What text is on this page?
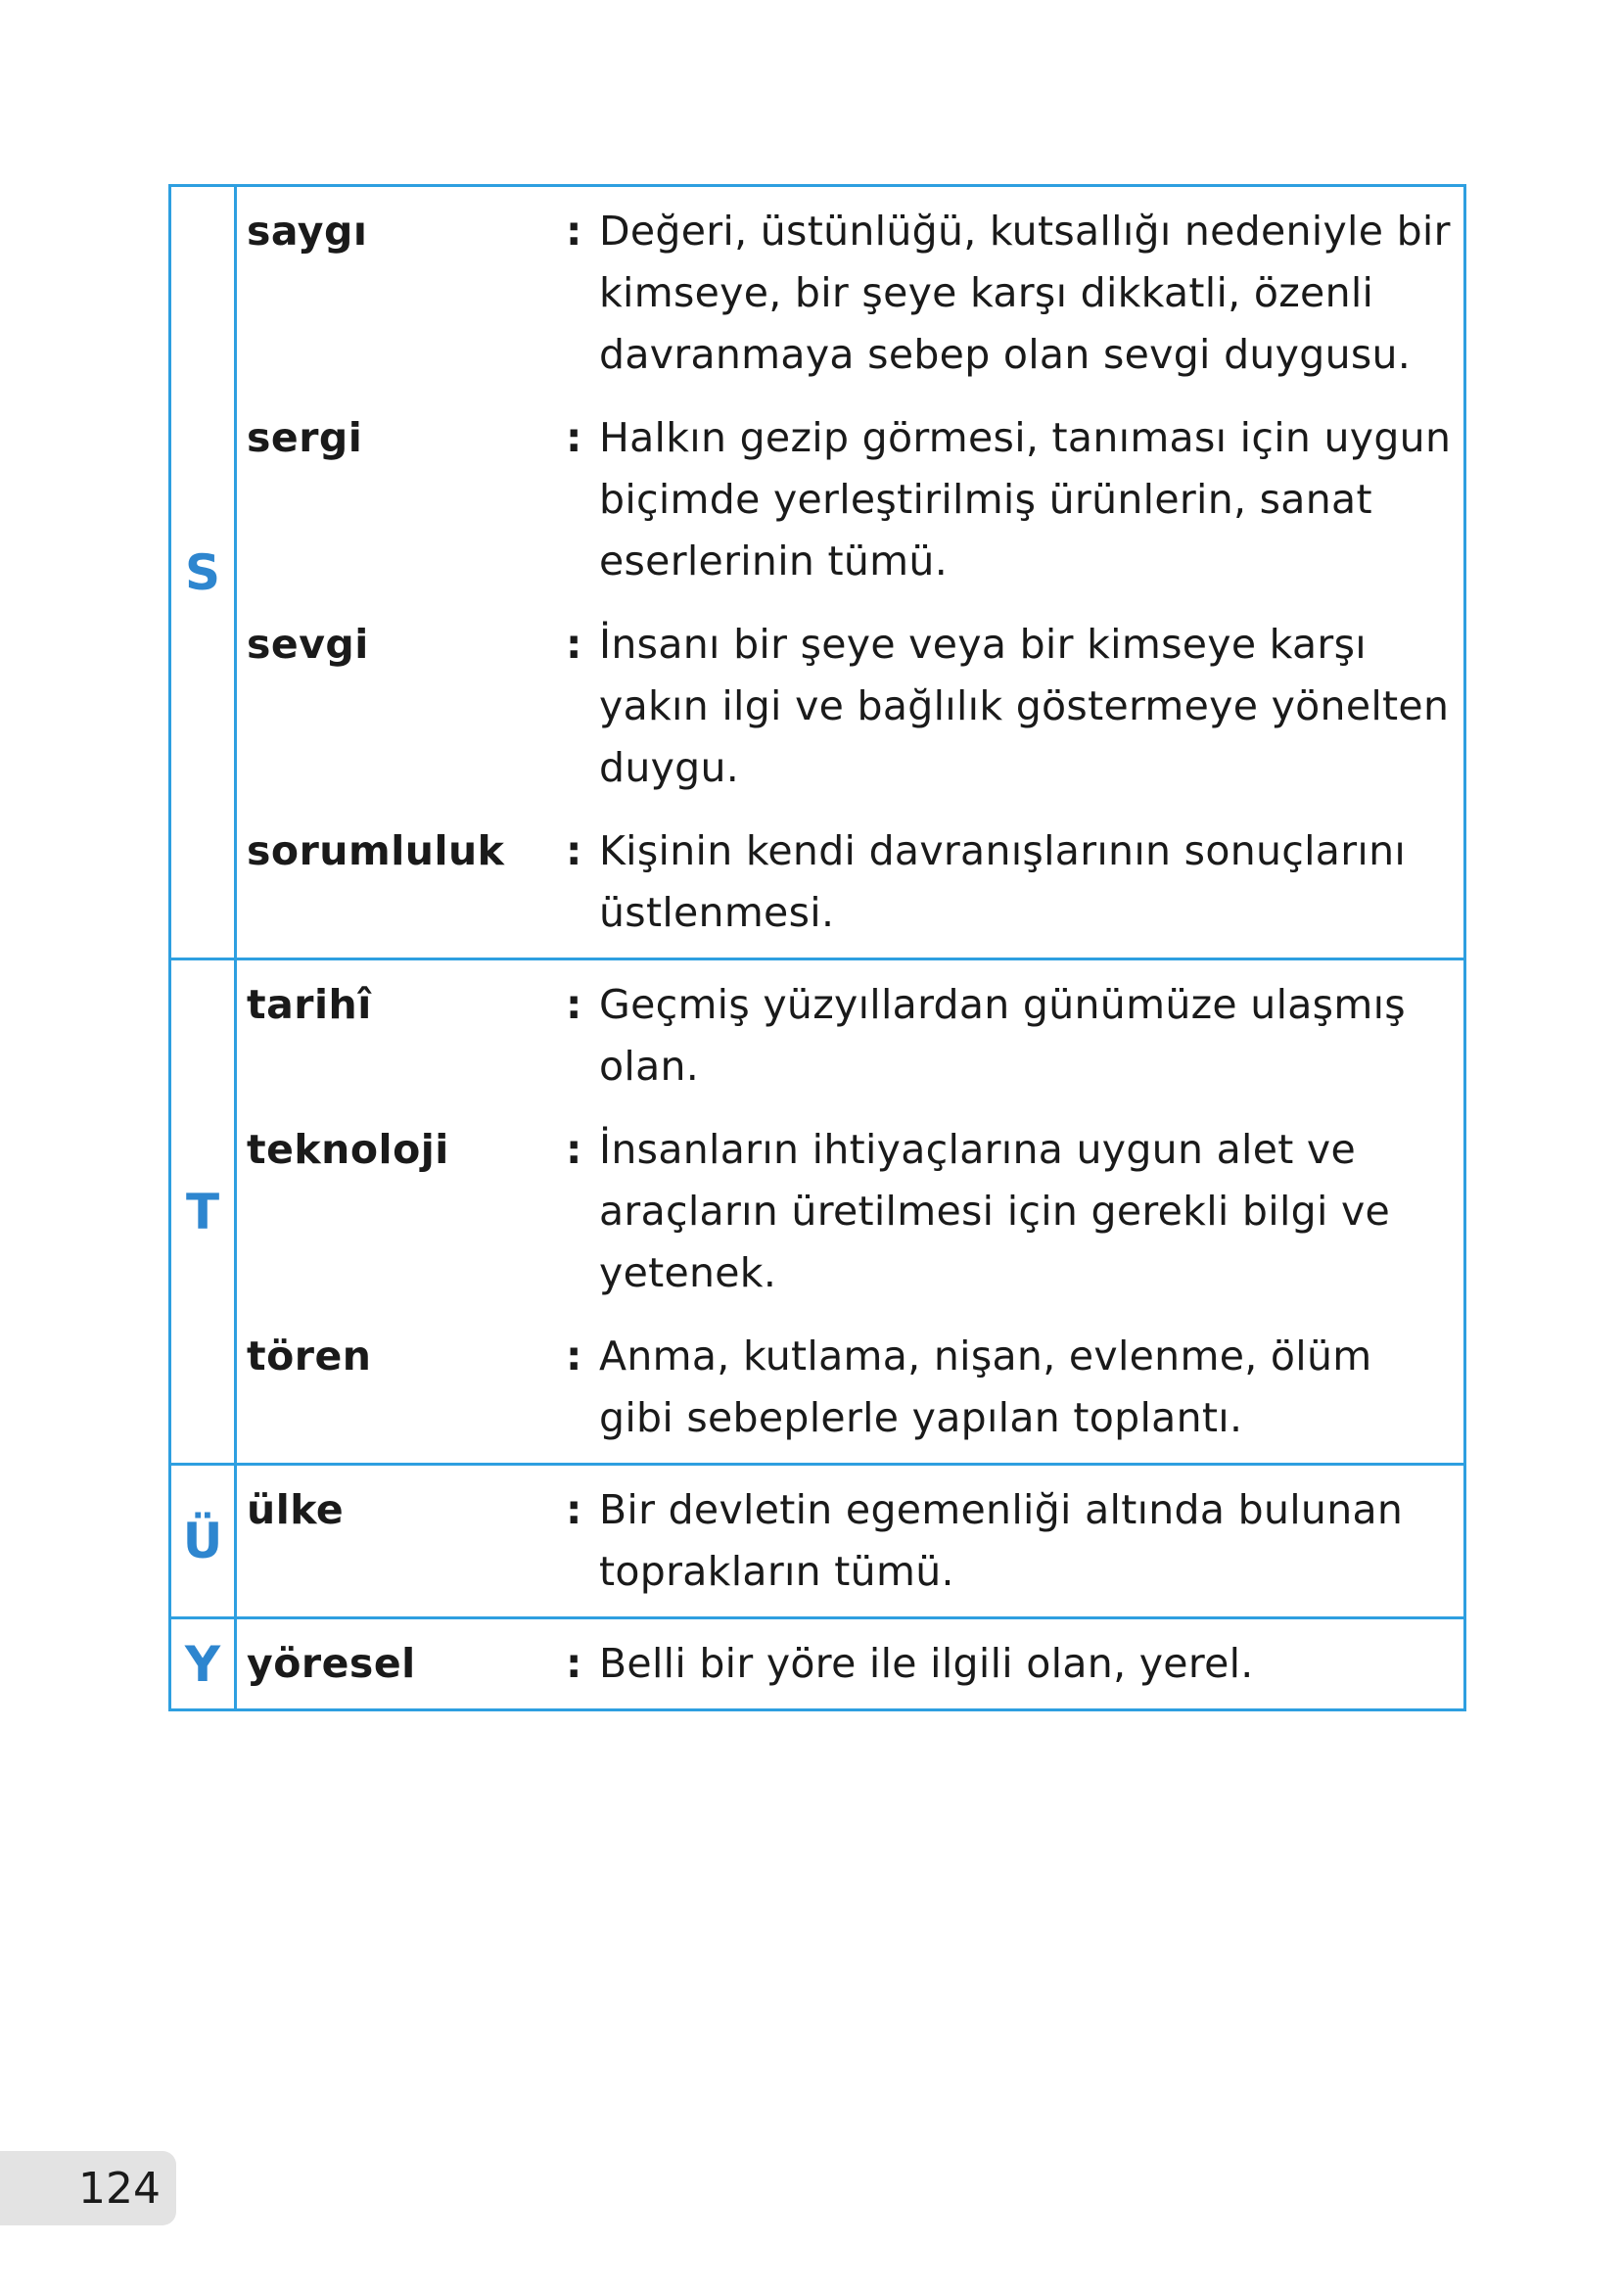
S
saygı	: Değeri, üstünlüğü, kutsallığı nedeniyle bir kimseye, bir şeye karşı dikkatli, özenli davranmaya sebep olan sevgi duygusu.
sergi	: Halkın gezip görmesi, tanıması için uygun biçimde yerleştirilmiş ürünlerin, sanat eserlerinin tümü.
sevgi	: İnsanı bir şeye veya bir kimseye karşı yakın ilgi ve bağlılık göstermeye yönelten duygu.
sorumluluk	: Kişinin kendi davranışlarının sonuçlarını üstlenmesi.
T
tarihî	: Geçmiş yüzyıllardan günümüze ulaşmış olan.
teknoloji	: İnsanların ihtiyaçlarına uygun alet ve araçların üretilmesi için gerekli bilgi ve yetenek.
tören	: Anma, kutlama, nişan, evlenme, ölüm gibi sebeplerle yapılan toplantı.
Ü
ülke	: Bir devletin egemenliği altında bulunan toprakların tümü.
Y yöresel	: Belli bir yöre ile ilgili olan, yerel.
124
